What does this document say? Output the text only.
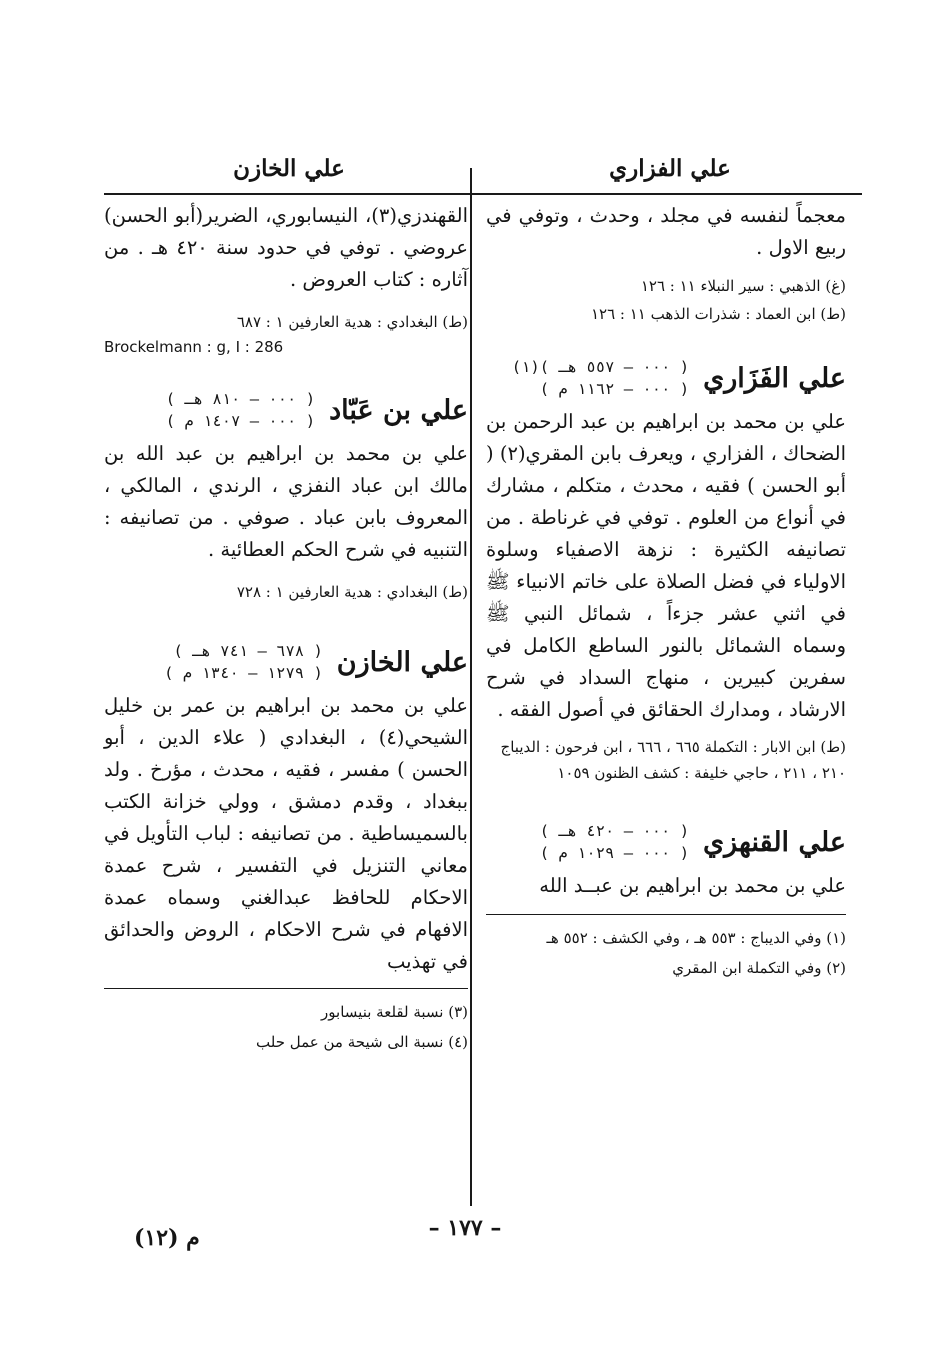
علي الفزاري
علي الخازن

معجماً لنفسه في مجلد ، وحدث ، وتوفي في ربيع الاول .

(غ) الذهبي : سير النبلاء ١١ : ١٢٦

(ط) ابن العماد : شذرات الذهب ١١ : ١٢٦

علي الفَزَاري
( ٠٠٠ – ٥٥٧ هـ )(١)
( ٠٠٠ – ١١٦٢ م )

علي بن محمد بن ابراهيم بن عبد الرحمن بن الضحاك ، الفزاري ، ويعرف بابن المقري(٢) ( أبو الحسن ) فقيه ، محدث ، متكلم ، مشارك في أنواع من العلوم . توفي في غرناطة . من تصانيفه الكثيرة : نزهة الاصفياء وسلوة الاولياء في فضل الصلاة على خاتم الانبياء ﷺ في اثني عشر جزءاً ، شمائل النبي ﷺ وسماه الشمائل بالنور الساطع الكامل في سفرين كبيرين ، منهاج السداد في شرح الارشاد ، ومدارك الحقائق في أصول الفقه .

(ط) ابن الابار : التكملة ٦٦٥ ، ٦٦٦ ، ابن فرحون : الديباج ٢١٠ ، ٢١١ ، حاجي خليفة : كشف الظنون ١٠٥٩

علي القنهزي
( ٠٠٠ – ٤٢٠ هـ )
( ٠٠٠ – ١٠٢٩ م )

علي بن محمد بن ابراهيم بن عبــد الله

(١) وفي الديباج : ٥٥٣ هـ ، وفي الكشف : ٥٥٢ هـ

(٢) وفي التكملة ابن المقري

القهندزي(٣)، النيسابوري، الضرير(أبو الحسن) عروضي . توفي في حدود سنة ٤٢٠ هـ . من آثاره : كتاب العروض .

(ط) البغدادي : هدية العارفين ١ : ٦٨٧

Brockelmann : g, I : 286

علي بن عَبّاد
( ٠٠٠ – ٨١٠ هـ )
( ٠٠٠ – ١٤٠٧ م )

علي بن محمد بن ابراهيم بن عبد الله بن مالك ابن عباد النفزي ، الرندي ، المالكي ، المعروف بابن عباد . صوفي . من تصانيفه : التنبيه في شرح الحكم العطائية .

(ط) البغدادي : هدية العارفين ١ : ٧٢٨

علي الخازن
( ٦٧٨ – ٧٤١ هـ )
( ١٢٧٩ – ١٣٤٠ م )

علي بن محمد بن ابراهيم بن عمر بن خليل الشيحي(٤) ، البغدادي ( علاء الدين ، أبو الحسن ) مفسر ، فقيه ، محدث ، مؤرخ . ولد ببغداد ، وقدم دمشق ، وولي خزانة الكتب بالسميساطية . من تصانيفه : لباب التأويل في معاني التنزيل في التفسير ، شرح عمدة الاحكام للحافظ عبدالغني وسماه عمدة الافهام في شرح الاحكام ، الروض والحدائق في تهذيب

(٣) نسبة لقلعة بنيسابور

(٤) نسبة الى شيحة من عمل حلب

– ١٧٧ –
م (١٢)
